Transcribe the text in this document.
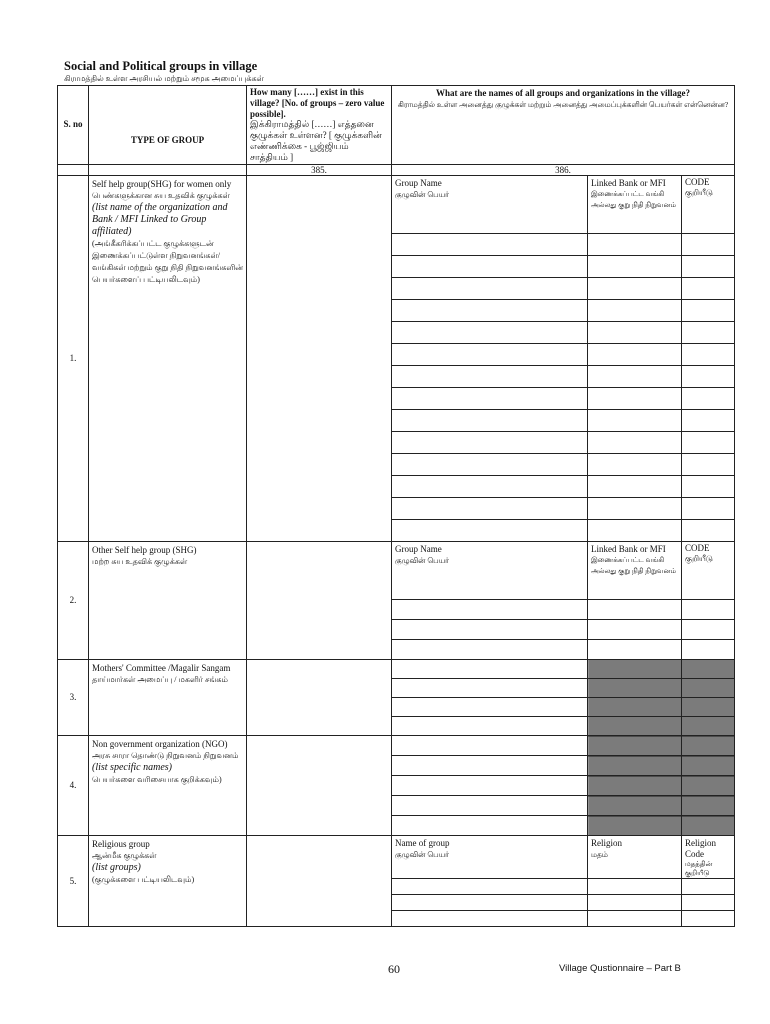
Social and Political groups in village
கிராமத்தில் உள்ள அரசியல் மற்றும் சமூக அமைப்புக்கள்
S. no	TYPE OF GROUP	How many [……] exist in this village? [No. of groups – zero value possible].
இக்கிராமத்தில் [……] எத்தனை குழுக்கள் உள்ளன? [ குழுக்களின் எண்ணிக்கை - பூஜ்ஜியம் சாத்தியம் ]	What are the names of all groups and organizations in the village?
கிராமத்தில் உள்ள அனைத்து குழுக்கள் மற்றும் அனைத்து அமைப்புக்களின் பெயர்கள் என்னென்ன?		

		385.	386.		
1.	Self help group(SHG) for women only
பெண்களுக்கான சுய உதவிக் குழுக்கள்
(list name of the organization and Bank / MFI Linked to Group affiliated)
(அங்கீகரிக்கப்பட்ட குழுக்களுடன் இணைக்கப்பட்டுள்ள நிறுவனங்கள்/வங்கிகள் மற்றும் குறு நிதி நிறுவனங்களின் பெயர்களைப் பட்டியலிடவும்)		Group Name
குழுவின் பெயர்	Linked Bank or MFI
இணைக்கப்பட்ட வங்கி அல்லது குறு நிதி நிறுவனம்	CODE
குறியீடு

2.	Other Self help group (SHG)
மற்ற சுய உதவிக் குழுக்கள்		Group Name
குழுவின் பெயர்	Linked Bank or MFI
இணைக்கப்பட்ட வங்கி அல்லது குறு நிதி நிறுவனம்	CODE
குறியீடு

3.	Mothers' Committee /Magalir Sangam
தாய்மார்கள் அமைப்பு / மகளிர் சங்கம்				

4.	Non government organization (NGO)
அரசு சாரா தொண்டு நிறுவனம் நிறுவனம்
(list specific names)
பெயர்களை வரிசையாக குறிக்கவும்)				

5.	Religious group
ஆன்மீக குழுக்கள்
(list groups)
(குழுக்களை பட்டியலிடவும்)		Name of group
குழுவின் பெயர்	Religion
மதம்	Religion Code
மதத்தின் குறியீடு

60	Village Qustionnaire – Part B
